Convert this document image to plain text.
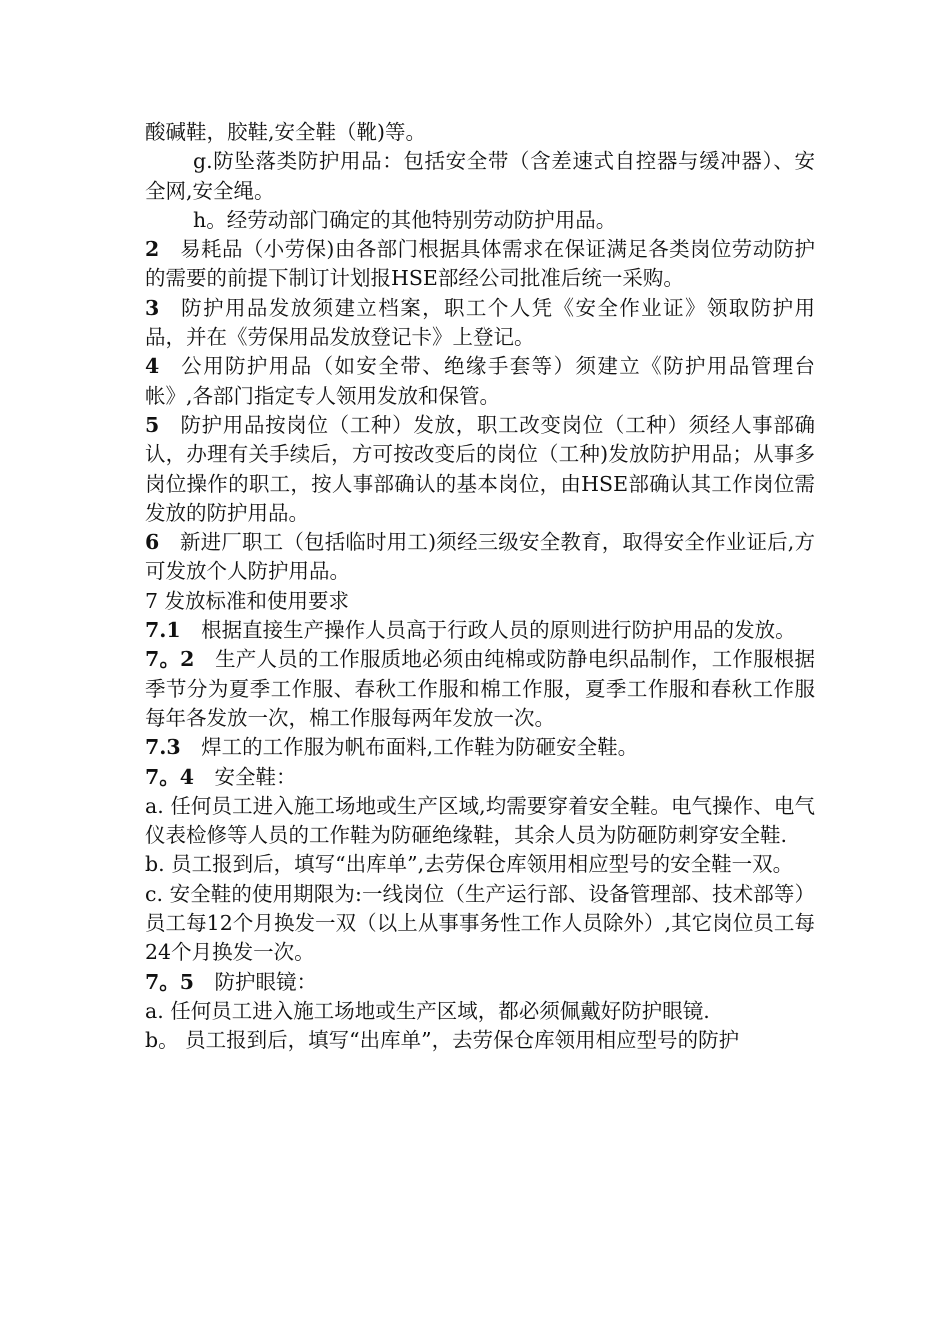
酸碱鞋，胶鞋,安全鞋（靴)等。

g.防坠落类防护用品：包括安全带（含差速式自控器与缓冲器）、安全网,安全绳。

h。经劳动部门确定的其他特别劳动防护用品。

2  易耗品（小劳保)由各部门根据具体需求在保证满足各类岗位劳动防护的需要的前提下制订计划报HSE部经公司批准后统一采购。

3  防护用品发放须建立档案，职工个人凭《安全作业证》领取防护用品，并在《劳保用品发放登记卡》上登记。

4  公用防护用品（如安全带、绝缘手套等）须建立《防护用品管理台帐》,各部门指定专人领用发放和保管。

5  防护用品按岗位（工种）发放，职工改变岗位（工种）须经人事部确认，办理有关手续后，方可按改变后的岗位（工种)发放防护用品；从事多岗位操作的职工，按人事部确认的基本岗位，由HSE部确认其工作岗位需发放的防护用品。

6  新进厂职工（包括临时用工)须经三级安全教育，取得安全作业证后,方可发放个人防护用品。

7 发放标准和使用要求

7.1  根据直接生产操作人员高于行政人员的原则进行防护用品的发放。

7。2  生产人员的工作服质地必须由纯棉或防静电织品制作，工作服根据季节分为夏季工作服、春秋工作服和棉工作服，夏季工作服和春秋工作服每年各发放一次，棉工作服每两年发放一次。

7.3  焊工的工作服为帆布面料,工作鞋为防砸安全鞋。

7。4  安全鞋：

a. 任何员工进入施工场地或生产区域,均需要穿着安全鞋。电气操作、电气仪表检修等人员的工作鞋为防砸绝缘鞋，其余人员为防砸防刺穿安全鞋.

b. 员工报到后，填写“出库单”,去劳保仓库领用相应型号的安全鞋一双。

c. 安全鞋的使用期限为:一线岗位（生产运行部、设备管理部、技术部等）员工每12个月换发一双（以上从事事务性工作人员除外）,其它岗位员工每24个月换发一次。

7。5  防护眼镜：

a. 任何员工进入施工场地或生产区域，都必须佩戴好防护眼镜.

b。 员工报到后，填写“出库单”，去劳保仓库领用相应型号的防护
